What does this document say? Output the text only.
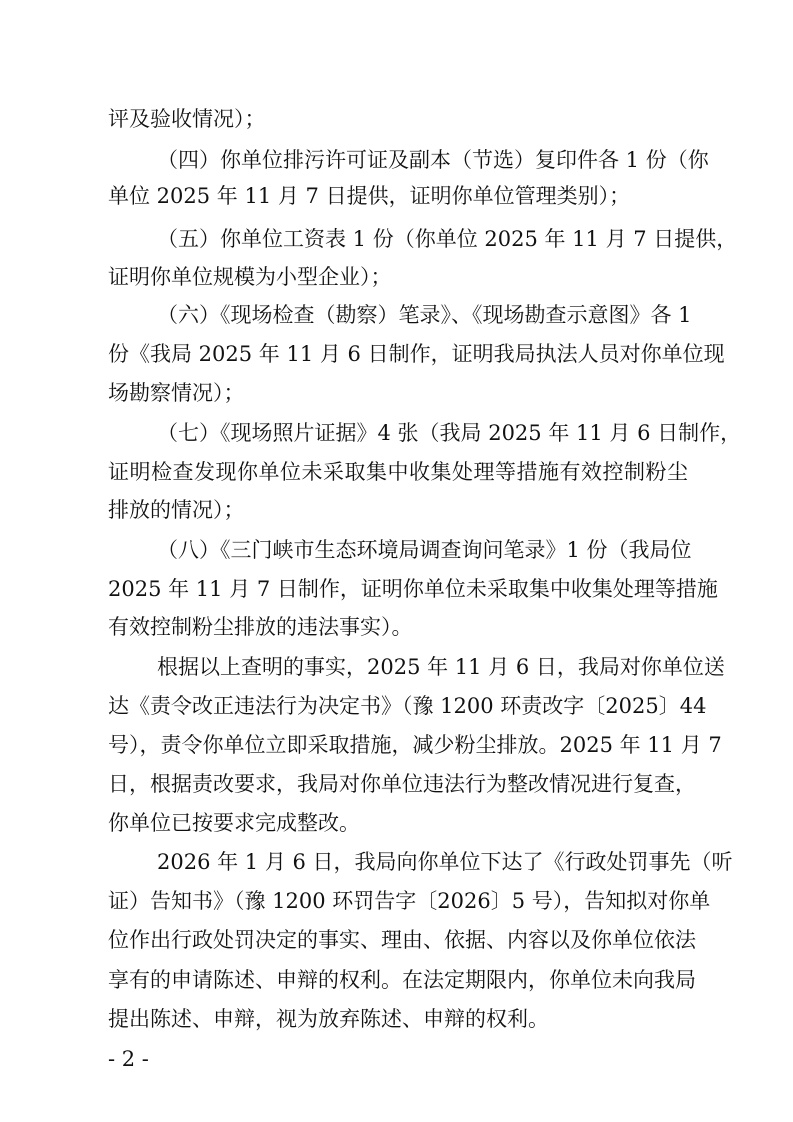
评及验收情况）；
（四）你单位排污许可证及副本（节选）复印件各 1 份（你
单位 2025 年 11 月 7 日提供，证明你单位管理类别）；
（五）你单位工资表 1 份（你单位 2025 年 11 月 7 日提供，
证明你单位规模为小型企业）；
（六）《现场检查（勘察）笔录》、《现场勘查示意图》各 1
份《我局 2025 年 11 月 6 日制作，证明我局执法人员对你单位现
场勘察情况）；
（七）《现场照片证据》4 张（我局 2025 年 11 月 6 日制作，
证明检查发现你单位未采取集中收集处理等措施有效控制粉尘
排放的情况）；
（八）《三门峡市生态环境局调查询问笔录》1 份（我局位
2025 年 11 月 7 日制作，证明你单位未采取集中收集处理等措施
有效控制粉尘排放的违法事实）。
根据以上查明的事实，2025 年 11 月 6 日，我局对你单位送
达《责令改正违法行为决定书》（豫 1200 环责改字〔2025〕44
号），责令你单位立即采取措施，减少粉尘排放。2025 年 11 月 7
日，根据责改要求，我局对你单位违法行为整改情况进行复查，
你单位已按要求完成整改。
2026 年 1 月 6 日，我局向你单位下达了《行政处罚事先（听
证）告知书》（豫 1200 环罚告字〔2026〕5 号），告知拟对你单
位作出行政处罚决定的事实、理由、依据、内容以及你单位依法
享有的申请陈述、申辩的权利。在法定期限内，你单位未向我局
提出陈述、申辩，视为放弃陈述、申辩的权利。
- 2 -
